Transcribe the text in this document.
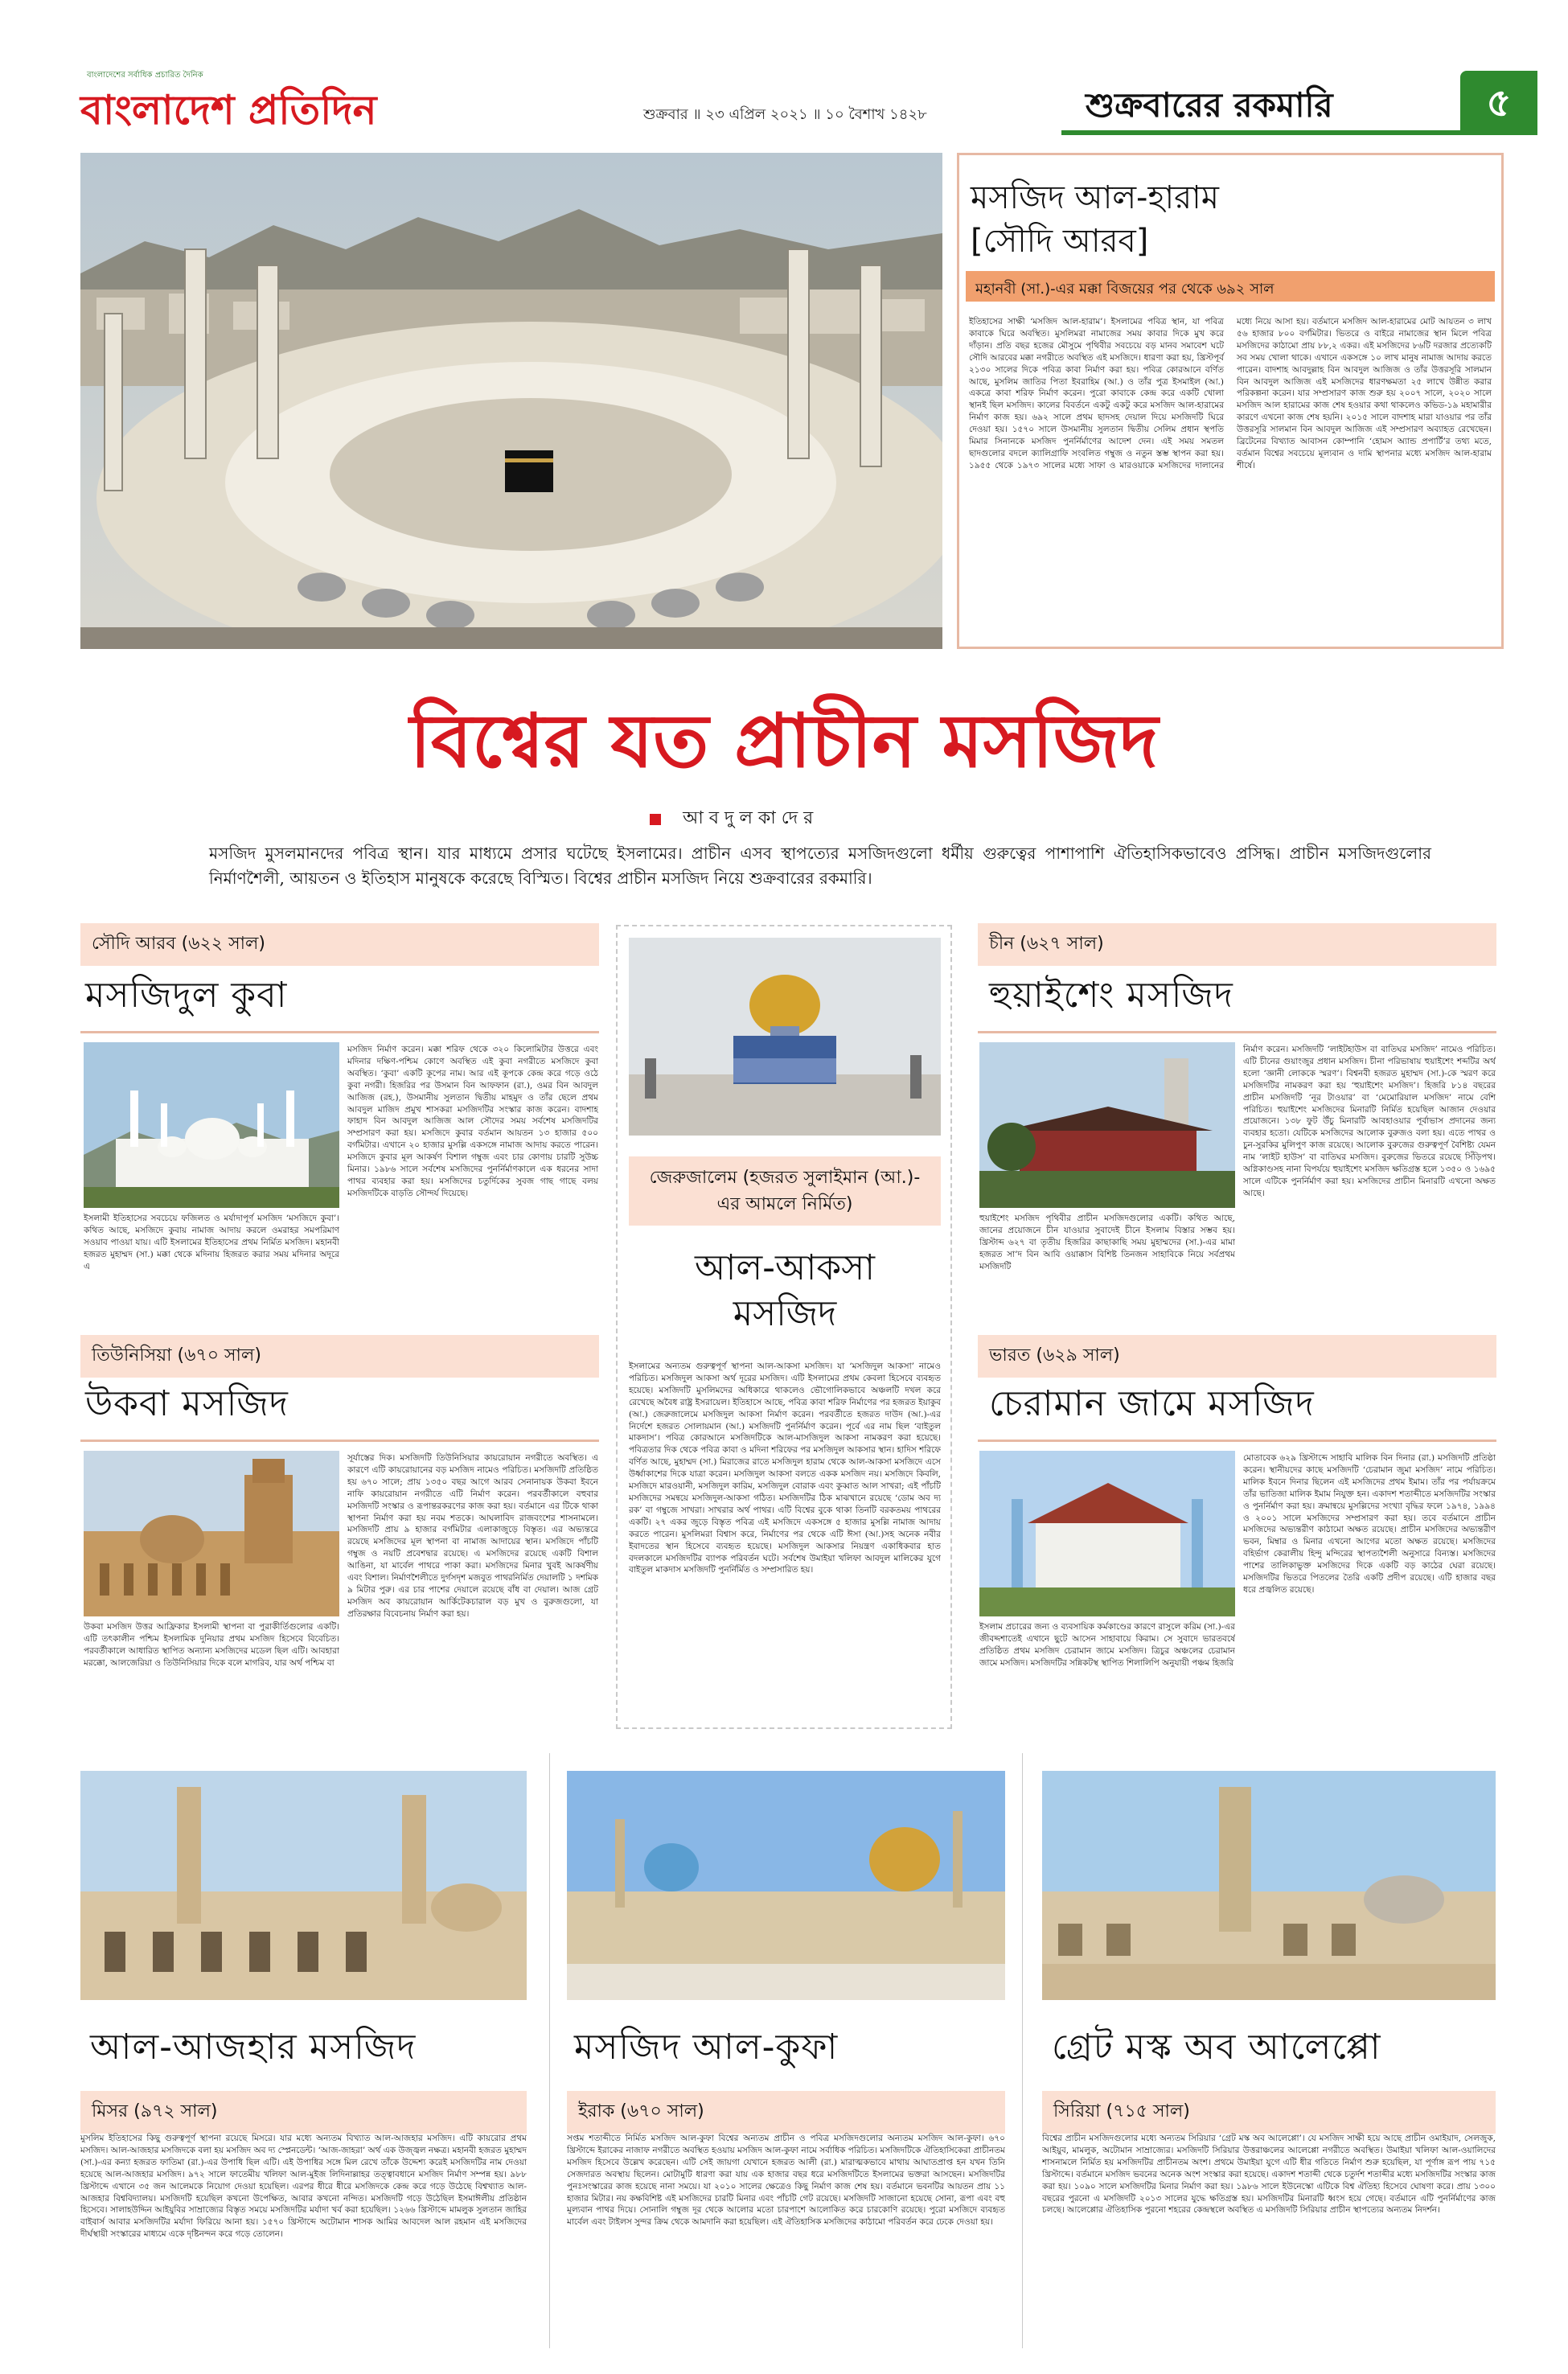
বাংলাদেশের সর্বাধিক প্রচারিত দৈনিক
বাংলাদেশ প্রতিদিন	শুক্রবার ॥ ২৩ এপ্রিল ২০২১ ॥ ১০ বৈশাখ ১৪২৮	শুক্রবারের রকমারি	৫
মসজিদ আল-হারাম
[সৌদি আরব]
মহানবী (সা.)-এর মক্কা বিজয়ের পর থেকে ৬৯২ সাল
ইতিহাসের সাক্ষী ‘মসজিদ আল-হারাম’। ইসলামের পবিত্র স্থান, যা পবিত্র কাবাকে ঘিরে অবস্থিত। মুসলিমরা নামাজের সময় কাবার দিকে মুখ করে দাঁড়ান। প্রতি বছর হজের মৌসুমে পৃথিবীর সবচেয়ে বড় মানব সমাবেশ ঘটে সৌদি আরবের মক্কা নগরীতে অবস্থিত এই মসজিদে। ধারণা করা হয়, খ্রিস্টপূর্ব ২১৩০ সালের দিকে পবিত্র কাবা নির্মাণ করা হয়। পবিত্র কোরআনে বর্ণিত আছে, মুসলিম জাতির পিতা ইবরাহিম (আ.) ও তাঁর পুত্র ইসমাইল (আ.) একত্রে কাবা শরিফ নির্মাণ করেন। পুরো কাবাকে কেন্দ্র করে একটি খোলা স্থানই ছিল মসজিদ। কালের বিবর্তনে একটু একটু করে মসজিদ আল-হারামের নির্মাণ কাজ হয়। ৬৯২ সালে প্রথম ছাদসহ দেয়াল দিয়ে মসজিদটি ঘিরে দেওয়া হয়। ১৫৭০ সালে উসমানীয় সুলতান দ্বিতীয় সেলিম প্রধান স্থপতি মিমার সিনানকে মসজিদ পুনর্নির্মাণের আদেশ দেন। এই সময় সমতল ছাদগুলোর বদলে ক্যালিগ্রাফি সংবলিত গম্বুজ ও নতুন স্তম্ভ স্থাপন করা হয়। ১৯৫৫ থেকে ১৯৭৩ সালের মধ্যে সাফা ও মারওয়াকে মসজিদের দালানের মধ্যে নিয়ে আসা হয়। বর্তমানে মসজিদ আল-হারামের মোট আয়তন ৩ লাখ ৫৬ হাজার ৮০০ বর্গমিটার। ভিতরে ও বাইরে নামাজের স্থান মিলে পবিত্র মসজিদের কাঠামো প্রায় ৮৮,২ একর। এই মসজিদের ৮৬টি দরজার প্রত্যেকটি সব সময় খোলা থাকে। এখানে একসঙ্গে ১০ লাখ মানুষ নামাজ আদায় করতে পারেন। বাদশাহ আবদুল্লাহ বিন আবদুল আজিজ ও তাঁর উত্তরসূরি সালমান বিন আবদুল আজিজ এই মসজিদের ধারণক্ষমতা ২৫ লাখে উন্নীত করার পরিকল্পনা করেন। যার সম্প্রসারণ কাজ শুরু হয় ২০০৭ সালে, ২০২০ সালে মসজিদ আল হারামের কাজ শেষ হওয়ার কথা থাকলেও কভিড-১৯ মহামারীর কারণে এখনো কাজ শেষ হয়নি। ২০১৫ সালে বাদশাহ মারা যাওয়ার পর তাঁর উত্তরসূরি সালমান বিন আবদুল আজিজ এই সম্প্রসারণ অব্যাহত রেখেছেন। ব্রিটেনের বিখ্যাত আবাসন কোম্পানি ‘হোমস অ্যান্ড প্রপার্টি’র তথ্য মতে, বর্তমান বিশ্বের সবচেয়ে মূল্যবান ও দামি স্থাপনার মধ্যে মসজিদ আল-হারাম শীর্ষে।
বিশ্বের যত প্রাচীন মসজিদ
আ ব দু ল কা দে র
মসজিদ মুসলমানদের পবিত্র স্থান। যার মাধ্যমে প্রসার ঘটেছে ইসলামের। প্রাচীন এসব স্থাপত্যের মসজিদগুলো ধর্মীয় গুরুত্বের পাশাপাশি ঐতিহাসিকভাবেও প্রসিদ্ধ। প্রাচীন মসজিদগুলোর নির্মাণশৈলী, আয়তন ও ইতিহাস মানুষকে করেছে বিস্মিত। বিশ্বের প্রাচীন মসজিদ নিয়ে শুক্রবারের রকমারি।
সৌদি আরব (৬২২ সাল)
মসজিদুল কুবা
ইসলামী ইতিহাসের সবচেয়ে ফজিলত ও মর্যাদাপূর্ণ মসজিদ ‘মসজিদে কুবা’। কথিত আছে, মসজিদে কুবায় নামাজ আদায় করলে ওমরাহর সমপরিমাণ সওয়াব পাওয়া যায়। এটি ইসলামের ইতিহাসের প্রথম নির্মিত মসজিদ। মহানবী হজরত মুহাম্মদ (সা.) মক্কা থেকে মদিনায় হিজরত করার সময় মদিনার অদূরে এ
মসজিদ নির্মাণ করেন। মক্কা শরিফ থেকে ৩২০ কিলোমিটার উত্তরে এবং মদিনার দক্ষিণ-পশ্চিম কোণে অবস্থিত এই কুবা নগরীতে মসজিদে কুবা অবস্থিত। ‘কুবা’ একটি কূপের নাম। আর এই কূপকে কেন্দ্র করে গড়ে ওঠে কুবা নগরী। হিজরির পর উসমান বিন আফফান (রা.), ওমর বিন আবদুল আজিজ (রহ.), উসমানীয় সুলতান দ্বিতীয় মাহমুদ ও তাঁর ছেলে প্রথম আবদুল মাজিদ প্রমুখ শাসকরা মসজিদটির সংস্কার কাজ করেন। বাদশাহ ফাহাদ বিন আবদুল আজিজ আল সৌদের সময় সর্বশেষ মসজিদটির সম্প্রসারণ করা হয়। মসজিদে কুবার বর্তমান আয়তন ১৩ হাজার ৫০০ বর্গমিটার। এখানে ২০ হাজার মুসল্লি একসঙ্গে নামাজ আদায় করতে পারেন। মসজিদে কুবার মূল আকর্ষণ বিশাল গম্বুজ এবং চার কোণায় চারটি সুউচ্চ মিনার। ১৯৮৬ সালে সর্বশেষ মসজিদের পুনর্নির্মাণকালে এক ধরনের সাদা পাথর ব্যবহার করা হয়। মসজিদের চতুর্দিকের সুবজ গাছ গাছে বলয় মসজিদটিকে বাড়তি সৌন্দর্য দিয়েছে।
তিউনিসিয়া (৬৭০ সাল)
উকবা মসজিদ
উকবা মসজিদ উত্তর আফ্রিকার ইসলামী স্থাপনা বা পুরাকীর্তিগুলোর একটি। এটি তৎকালীন পশ্চিম ইসলামিক দুনিয়ার প্রথম মসজিদ হিসেবে বিবেচিত। পরবর্তীকালে আধারিত স্থাপিত অন্যান্য মসজিদের মডেল ছিল এটি। আবহারা মরক্কো, আলজেরিয়া ও তিউনিসিয়ার দিকে বলে মাগরিব, যার অর্থ পশ্চিম বা
সূর্যাস্তের দিক। মসজিদটি তিউনিসিয়ার কায়রোয়ান নগরীতে অবস্থিত। এ কারণে এটি কায়রোয়ানের বড় মসজিদ নামেও পরিচিত। মসজিদটি প্রতিষ্ঠিত হয় ৬৭০ সালে; প্রায় ১৩৫০ বছর আগে আরব সেনানায়ক উকবা ইবনে নাফি কায়রোয়ান নগরীতে এটি নির্মাণ করেন। পরবর্তীকালে বহুবার মসজিদটি সংস্কার ও রূপান্তরকরণের কাজ করা হয়। বর্তমানে এর টিকে থাকা স্থাপনা নির্মাণ করা হয় নবম শতকে। আঘলাবিদ রাজবংশের শাসনামলে। মসজিদটি প্রায় ৯ হাজার বর্গমিটার এলাকাজুড়ে বিস্তৃত। এর অভ্যন্তরে রয়েছে মসজিদের মূল স্থাপনা বা নামাজ আদায়ের স্থান। মসজিদে পাঁচটি গম্বুজ ও নয়টি প্রবেশদ্বার রয়েছে। এ মসজিদের রয়েছে একটি বিশাল আঙিনা, যা মার্বেল পাথরে পাকা করা। মসজিদের মিনার খুবই আকর্ষণীয় এবং বিশাল। নির্মাণশৈলীতে দুর্গসদৃশ মজবুত পাথরনির্মিত দেয়ালটি ১ দশমিক ৯ মিটার পুরু। এর চার পাশের দেয়ালে রয়েছে বাঁধ বা দেয়াল। আজ গ্রেট মসজিদ অব কায়রোয়ান আর্কিটেকচারাল বড় মুখ ও বুরুজগুলো, যা প্রতিরক্ষার বিবেচনায় নির্মাণ করা হয়।
জেরুজালেম (হজরত সুলাইমান (আ.)-এর আমলে নির্মিত)
আল-আকসা
মসজিদ
ইসলামের অন্যতম গুরুত্বপূর্ণ স্থাপনা আল-আকসা মসজিদ। যা ‘মসজিদুল আকসা’ নামেও পরিচিত। মসজিদুল আকসা অর্থ দূরের মসজিদ। এটি ইসলামের প্রথম কেবলা হিসেবে ব্যবহৃত হয়েছে। মসজিদটি মুসলিমদের অধিকারে থাকলেও ভৌগোলিকভাবে অঞ্চলটি দখল করে রেখেছে অবৈধ রাষ্ট্র ইসরায়েল। ইতিহাসে আছে, পবিত্র কাবা শরিফ নির্মাণের পর হজরত ইয়াকুব (আ.) জেরুজালেমে মসজিদুল আকসা নির্মাণ করেন। পরবর্তীতে হজরত দাউদ (আ.)-এর নির্দেশে হজরত সোলায়মান (আ.) মসজিদটি পুনর্নির্মাণ করেন। পূর্বে এর নাম ছিল ‘বাইতুল মাকদাস’। পবিত্র কোরআনে মসজিদটিকে আল-মাসজিদুল আকসা নামকরণ করা হয়েছে। পবিত্রতার দিক থেকে পবিত্র কাবা ও মদিনা শরিফের পর মসজিদুল আকসার স্থান। হাদিস শরিফে বর্ণিত আছে, মুহাম্মদ (সা.) মিরাজের রাতে মসজিদুল হারাম থেকে আল-আকসা মসজিদে এসে উর্ধ্বাকাশের দিকে যাত্রা করেন। মসজিদুল আকসা বলতে একক মসজিদ নয়। মসজিদে কিবলি, মসজিদে মারওয়ানী, মসজিদুল কারিম, মসজিদুল বোরাক এবং কুব্বাত আল সাখরা; এই পাঁচটি মসজিদের সমন্বয়ে মসজিদুল-আকসা গঠিত। মসজিদটির ঠিক মাঝখানে রয়েছে ‘ডোম অব দ্য রক’ বা গম্বুজে সাখরা। সাখরার অর্থ পাথর। এটি বিশ্বের বুকে থাকা তিনটি বরকতময় পাথরের একটি। ২৭ একর জুড়ে বিস্তৃত পবিত্র এই মসজিদে একসঙ্গে ৫ হাজার মুসল্লি নামাজ আদায় করতে পারেন। মুসলিমরা বিশ্বাস করে, নির্মাণের পর থেকে এটি ঈসা (আ.)সহ অনেক নবীর ইবাদতের স্থান হিসেবে ব্যবহৃত হয়েছে। মসজিদুল আকসার নিয়ন্ত্রণ একাধিকবার হাত বদলকালে মসজিদটির ব্যাপক পরিবর্তন ঘটে। সর্বশেষ উমাইয়া খলিফা আবদুল মালিকের যুগে বাইতুল মাকদাস মসজিদটি পুনর্নির্মিত ও সম্প্রসারিত হয়।
চীন (৬২৭ সাল)
হুয়াইশেং মসজিদ
হুয়াইশেং মসজিদ পৃথিবীর প্রাচীন মসজিদগুলোর একটি। কথিত আছে, জানের প্রয়োজনে চীন যাওয়ার সুবাদেই চীনে ইসলাম বিস্তার সম্ভব হয়। খ্রিস্টাব্দ ৬২৭ বা তৃতীয় হিজরির কাছাকাছি সময় মুহাম্মদের (সা.)-এর মামা হজরত সা’দ বিন আবি ওয়াক্কাস বিশিষ্ট তিনজন সাহাবিকে নিয়ে সর্বপ্রথম মসজিদটি
নির্মাণ করেন। মসজিদটি ‘লাইটহাউস বা বাতিঘর মসজিদ’ নামেও পরিচিত। এটি চীনের গুয়াংজুর প্রধান মসজিদ। চীনা পরিভাষায় হুয়াইশেং শব্দটির অর্থ হলো ‘জ্ঞানী লোককে স্মরণ’। বিশ্বনবী হজরত মুহাম্মদ (সা.)-কে স্মরণ করে মসজিদটির নামকরণ করা হয় ‘হুয়াইশেং মসজিদ’। হিজরি ৮১৪ বছরের প্রাচীন মসজিদটি ‘নূর টাওয়ার’ বা ‘মেমোরিয়াল মসজিদ’ নামে বেশি পরিচিত। হুয়াইশেং মসজিদের মিনারটি নির্মিত হয়েছিল আজান দেওয়ার প্রয়োজনে। ১৩৮ ফুট উঁচু মিনারটি আবহাওয়ার পূর্বাভাস প্রদানের জন্য ব্যবহার হতো। যেটিকে মসজিদের আলোক বুরুজও বলা হয়। এতে পাথর ও চুন-সুরকির মুলিপুণ কাজ রয়েছে। আলোক বুরুজের গুরুত্বপূর্ণ বৈশিষ্ট্য যেমন নাম ‘লাইট হাউস’ বা বাতিঘর মসজিদ। বুরুজের ভিতরে রয়েছে সিঁড়িপথ। অগ্নিকাণ্ডসহ নানা বিপর্যয়ে হুয়াইশেং মসজিদ ক্ষতিগ্রস্ত হলে ১৩৫০ ও ১৬৯৫ সালে এটিকে পুনর্নির্মাণ করা হয়। মসজিদের প্রাচীন মিনারটি এখনো অক্ষত আছে।
ভারত (৬২৯ সাল)
চেরামান জামে মসজিদ
ইসলাম প্রচারের জন্য ও ব্যবসায়িক কর্মকাণ্ডের কারণে রাসুলে করিম (সা.)-এর জীবদ্দশাতেই এখানে ছুটে আসেন সাহাবায়ে কিরাম। সে সুবাদে ভারতবর্ষে প্রতিষ্ঠিত প্রথম মসজিদ চেরামান জামে মসজিদ। ত্রিচুর অঞ্চলের চেরামান জামে মসজিদ। মসজিদটির সন্নিকটস্থ স্থাপিত শিলালিপি অনুযায়ী পঞ্চম হিজরি
মোতাবেক ৬২৯ খ্রিস্টাব্দে সাহাবি মালিক বিন দিনার (রা.) মসজিদটি প্রতিষ্ঠা করেন। স্থানীয়দের কাছে মসজিদটি ‘চেরামান জুমা মসজিদ’ নামে পরিচিত। মালিক ইবনে দিনার ছিলেন এই মসজিদের প্রথম ইমাম। তাঁর পর পর্যায়ক্রমে তাঁর ভাতিজা মালিক ইমাম নিযুক্ত হন। একাদশ শতাব্দীতে মসজিদটির সংস্কার ও পুনর্নির্মাণ করা হয়। ক্রমান্বয়ে মুসল্লিদের সংখ্যা বৃদ্ধির ফলে ১৯৭৪, ১৯৯৪ ও ২০০১ সালে মসজিদের সম্প্রসারণ করা হয়। তবে বর্তমানে প্রাচীন মসজিদের অভ্যন্তরীণ কাঠামো অক্ষত রয়েছে। প্রাচীন মসজিদের অভ্যন্তরীণ ভবন, মিম্বার ও মিনার এখনো আগের মতো অক্ষত রয়েছে। মসজিদের বহির্ভাগ কেরালীয় হিন্দু মন্দিরের স্থাপত্যশৈলী অনুসারে বিন্যস্ত। মসজিদের পাশের তালিকাভুক্ত মসজিদের দিকে একটি বড় কাঠের ঘেরা রয়েছে। মসজিদটির ভিতরে পিতলের তৈরি একটি প্রদীপ রয়েছে। এটি হাজার বছর ধরে প্রজ্বলিত রয়েছে।
আল-আজহার মসজিদ
মিসর (৯৭২ সাল)
মুসলিম ইতিহাসের কিছু গুরুত্বপূর্ণ স্থাপনা রয়েছে মিসরে। যার মধ্যে অন্যতম বিখ্যাত আল-আজহার মসজিদ। এটি কায়রোর প্রথম মসজিদ। আল-আজহার মসজিদকে বলা হয় মসজিদ অব দ্য স্প্লেনডেন্ট। ‘আজ-জাহরা’ অর্থ এক উজ্জ্বল নক্ষত্র। মহানবী হজরত মুহাম্মদ (সা.)-এর কন্যা হজরত ফাতিমা (রা.)-এর উপাধি ছিল এটি। এই উপাধির সঙ্গে মিল রেখে তাঁকে উদ্দেশ্য করেই মসজিদটির নাম দেওয়া হয়েছে আল-আজহার মসজিদ। ৯৭২ সালে ফাতেমীয় খলিফা আল-মুইজ লিদিনাল্লাহর তত্ত্বাবধানে মসজিদ নির্মাণ সম্পন্ন হয়। ৯৮৮ খ্রিস্টাব্দে এখানে ৩৫ জন আলেমকে নিয়োগ দেওয়া হয়েছিল। এরপর ধীরে ধীরে মসজিদকে কেন্দ্র করে গড়ে উঠেছে বিশ্বখ্যাত আল-আজহার বিশ্ববিদ্যালয়। মসজিদটি হয়েছিল কখনো উপেক্ষিত, আবার কখনো নন্দিত। মসজিদটি গড়ে উঠেছিল ইসমাঈলীয় প্রতিষ্ঠান হিসেবে। সালাহউদ্দিন আইয়ুবির সাম্রাজ্যের বিস্তৃত সময়ে মসজিদটির মর্যাদা খর্ব করা হয়েছিল। ১২৬৬ খ্রিস্টাব্দে মামলুক সুলতান জাহির বাইবার্স আবার মসজিদটির মর্যাদা ফিরিয়ে আনা হয়। ১৫৭০ খ্রিস্টাব্দে অটোমান শাসক আমির আবদেল আল রহমান এই মসজিদের দীর্ঘস্থায়ী সংস্কারের মাধ্যমে একে দৃষ্টিনন্দন করে গড়ে তোলেন।
মসজিদ আল-কুফা
ইরাক (৬৭০ সাল)
সপ্তম শতাব্দীতে নির্মিত মসজিদ আল-কুফা বিশ্বের অন্যতম প্রাচীন ও পবিত্র মসজিদগুলোর অন্যতম মসজিদ আল-কুফা। ৬৭০ খ্রিস্টাব্দে ইরাকের নাজাফ নগরীতে অবস্থিত হওয়ায় মসজিদ আল-কুফা নামে সর্বাধিক পরিচিত। মসজিদটিকে ঐতিহাসিকেরা প্রাচীনতম মসজিদ হিসেবে উল্লেখ করেছেন। এটি সেই জায়গা যেখানে হজরত আলী (রা.) মারাত্মকভাবে মাথায় আঘাতপ্রাপ্ত হন যখন তিনি সেজদারত অবস্থায় ছিলেন। মোটামুটি ধারণা করা যায় এক হাজার বছর ধরে মসজিদটিতে ইসলামের ভক্তরা আসছেন। মসজিদটির পুনঃসংস্কারের কাজ হয়েছে নানা সময়ে। যা ২০১০ সালের ক্ষেত্রেও কিছু নির্মাণ কাজ শেষ হয়। বর্তমানে ভবনটির আয়তন প্রায় ১১ হাজার মিটার। নয় কক্ষবিশিষ্ট এই মসজিদের চারটি মিনার এবং পাঁচটি গেট রয়েছে। মসজিদটি সাজানো হয়েছে সোনা, রূপা এবং বহু মূল্যবান পাথর দিয়ে। সোনালি গম্বুজ দূর থেকে আলোর মতো চারপাশে আলোকিত করে চারকোণি রয়েছে। পুরো মসজিদে ব্যবহৃত মার্বেল এবং টাইলস সুন্দর ক্রিম থেকে আমদানি করা হয়েছিল। এই ঐতিহাসিক মসজিদের কাঠামো পরিবর্তন করে ঢেকে দেওয়া হয়।
গ্রেট মস্ক অব আলেপ্পো
সিরিয়া (৭১৫ সাল)
বিশ্বের প্রাচীন মসজিদগুলোর মধ্যে অন্যতম সিরিয়ার ‘গ্রেট মস্ক অব আলেপ্পো’। যে মসজিদ সাক্ষী হয়ে আছে প্রাচীন ওমাইয়াদ, সেলজুক, আইয়ুব, মামলুক, অটোমান সাম্রাজ্যের। মসজিদটি সিরিয়ার উত্তরাঞ্চলের আলেপ্পো নগরীতে অবস্থিত। উমাইয়া খলিফা আল-ওয়ালিদের শাসনামলে নির্মিত হয় মসজিদটির প্রাচীনতম অংশ। প্রথমে উমাইয়া যুগে এটি ধীর গতিতে নির্মাণ শুরু হয়েছিল, যা পূর্ণাঙ্গ রূপ পায় ৭১৫ খ্রিস্টাব্দে। বর্তমানে মসজিদ ভবনের অনেক অংশ সংস্কার করা হয়েছে। একাদশ শতাব্দী থেকে চতুর্দশ শতাব্দীর মধ্যে মসজিদটির সংস্কার কাজ করা হয়। ১০৯০ সালে মসজিদটির মিনার নির্মাণ করা হয়। ১৯৮৬ সালে ইউনেস্কো এটিকে বিশ্ব ঐতিহ্য হিসেবে ঘোষণা করে। প্রায় ১৩০০ বছরের পুরনো এ মসজিদটি ২০১৩ সালের যুদ্ধে ক্ষতিগ্রস্ত হয়। মসজিদটির মিনারটি ধ্বংস হয়ে গেছে। বর্তমানে এটি পুনর্নির্মাণের কাজ চলছে। আলেপ্পোর ঐতিহাসিক পুরনো শহরের কেন্দ্রস্থলে অবস্থিত এ মসজিদটি সিরিয়ার প্রাচীন স্থাপত্যের অন্যতম নিদর্শন।
